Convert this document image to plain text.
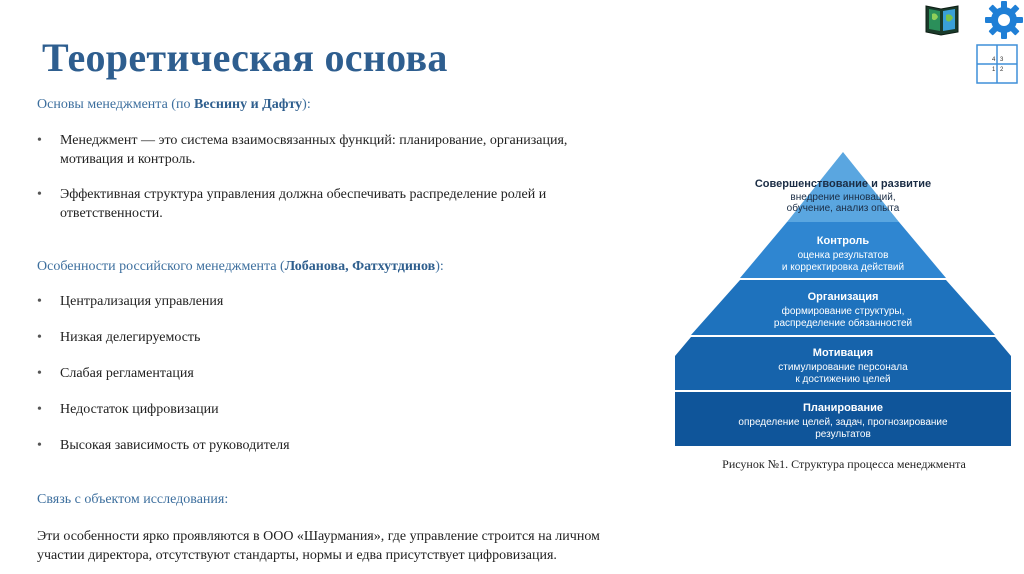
Теоретическая основа	4 3
1 2

Основы менеджмента (по Веснину и Дафту):

• Менеджмент — это система взаимосвязанных функций: планирование, организация, мотивация и контроль.
• Эффективная структура управления должна обеспечивать распределение ролей и ответственности.

Особенности российского менеджмента (Лобанова, Фатхутдинов):

• Централизация управления
• Низкая делегируемость
• Слабая регламентация
• Недостаток цифровизации
• Высокая зависимость от руководителя

Связь с объектом исследования:

Эти особенности ярко проявляются в ООО «Шаурмания», где управление строится на личном участии директора, отсутствуют стандарты, нормы и едва присутствует цифровизация.

Совершенствование и развитие
внедрение инноваций,
обучение, анализ опыта
Контроль
оценка результатов
и корректировка действий
Организация
формирование структуры,
распределение обязанностей
Мотивация
стимулирование персонала
к достижению целей
Планирование
определение целей, задач, прогнозирование
результатов
Рисунок №1. Структура процесса менеджмента
